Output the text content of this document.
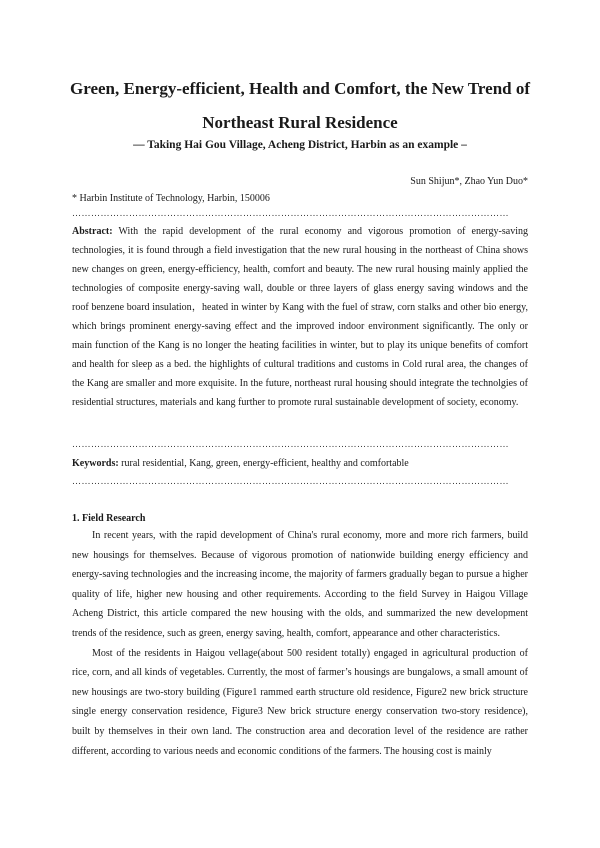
Green, Energy-efficient, Health and Comfort, the New Trend of
Northeast Rural Residence
— Taking Hai Gou Village, Acheng District, Harbin as an example –
Sun Shijun*, Zhao Yun Duo*
* Harbin Institute of Technology, Harbin, 150006
…………………………………………………………………………………………………………………………

Abstract: With the rapid development of the rural economy and vigorous promotion of energy-saving technologies, it is found through a field investigation that the new rural housing in the northeast of China shows new changes on green, energy-efficiency, health, comfort and beauty. The new rural housing mainly applied the technologies of composite energy-saving wall, double or three layers of glass energy saving windows and the roof benzene board insulation，heated in winter by Kang with the fuel of straw, corn stalks and other bio energy, which brings prominent energy-saving effect and the improved indoor environment significantly. The only or main function of the Kang is no longer the heating facilities in winter, but to play its unique benefits of comfort and health for sleep as a bed. the highlights of cultural traditions and customs in Cold rural area, the changes of the Kang are smaller and more exquisite. In the future, northeast rural housing should integrate the technolgies of residential structures, materials and kang further to promote rural sustainable development of society, economy.

…………………………………………………………………………………………………………………………

Keywords: rural residential, Kang, green, energy-efficient, healthy and comfortable

…………………………………………………………………………………………………………………………
1. Field Research

In recent years, with the rapid development of China's rural economy, more and more rich farmers, build new housings for themselves. Because of vigorous promotion of nationwide building energy efficiency and energy-saving technologies and the increasing income, the majority of farmers gradually began to pursue a higher quality of life, higher new housing and other requirements. According to the field Survey in Haigou Village Acheng District, this article compared the new housing with the olds, and summarized the new development trends of the residence, such as green, energy saving, health, comfort, appearance and other characteristics.

Most of the residents in Haigou vellage(about 500 resident totally) engaged in agricultural production of rice, corn, and all kinds of vegetables. Currently, the most of farmer’s housings are bungalows, a small amount of new housings are two-story building (Figure1 rammed earth structure old residence, Figure2 new brick structure single energy conservation residence, Figure3 New brick structure energy conservation two-story residence), built by themselves in their own land. The construction area and decoration level of the residence are rather different, according to various needs and economic conditions of the farmers. The housing cost is mainly
